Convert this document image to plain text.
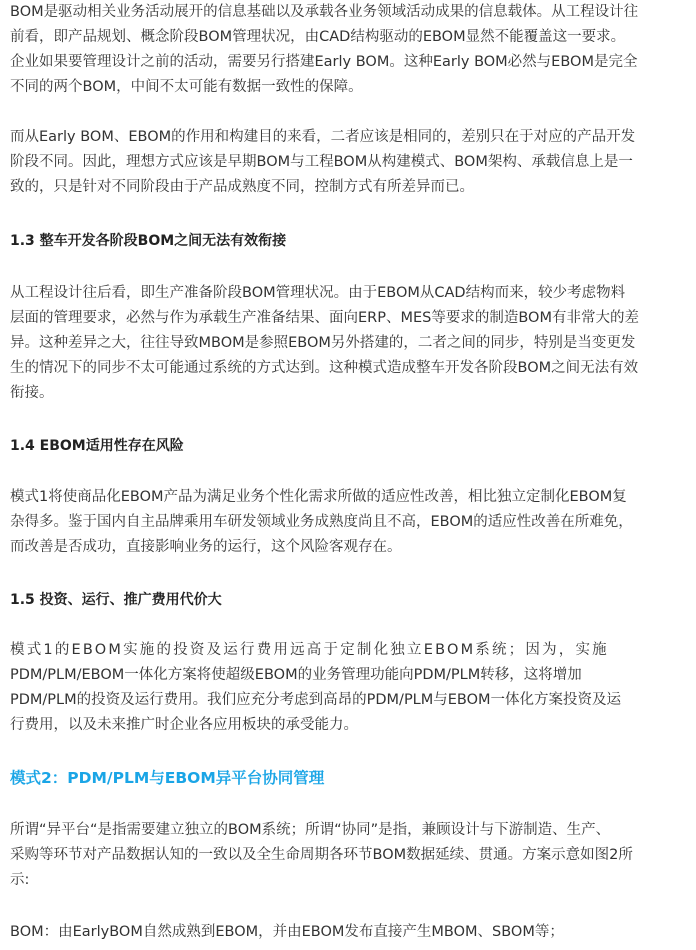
BOM是驱动相关业务活动展开的信息基础以及承载各业务领域活动成果的信息载体。从工程设计往
前看，即产品规划、概念阶段BOM管理状况，由CAD结构驱动的EBOM显然不能覆盖这一要求。
企业如果要管理设计之前的活动，需要另行搭建Early BOM。这种Early BOM必然与EBOM是完全
不同的两个BOM，中间不太可能有数据一致性的保障。
而从Early BOM、EBOM的作用和构建目的来看，二者应该是相同的，差别只在于对应的产品开发
阶段不同。因此，理想方式应该是早期BOM与工程BOM从构建模式、BOM架构、承载信息上是一
致的，只是针对不同阶段由于产品成熟度不同，控制方式有所差异而已。

1.3 整车开发各阶段BOM之间无法有效衔接

从工程设计往后看，即生产准备阶段BOM管理状况。由于EBOM从CAD结构而来，较少考虑物料
层面的管理要求，必然与作为承载生产准备结果、面向ERP、MES等要求的制造BOM有非常大的差
异。这种差异之大，往往导致MBOM是参照EBOM另外搭建的，二者之间的同步，特别是当变更发
生的情况下的同步不太可能通过系统的方式达到。这种模式造成整车开发各阶段BOM之间无法有效
衔接。

1.4 EBOM适用性存在风险

模式1将使商品化EBOM产品为满足业务个性化需求所做的适应性改善，相比独立定制化EBOM复
杂得多。鉴于国内自主品牌乘用车研发领域业务成熟度尚且不高，EBOM的适应性改善在所难免，
而改善是否成功，直接影响业务的运行，这个风险客观存在。

1.5 投资、运行、推广费用代价大

模式1的EBOM实施的投资及运行费用远高于定制化独立EBOM系统；因为，实施
PDM/PLM/EBOM一体化方案将使超级EBOM的业务管理功能向PDM/PLM转移，这将增加
PDM/PLM的投资及运行费用。我们应充分考虑到高昂的PDM/PLM与EBOM一体化方案投资及运
行费用，以及未来推广时企业各应用板块的承受能力。

模式2：PDM/PLM与EBOM异平台协同管理

所谓“异平台“是指需要建立独立的BOM系统；所谓“协同”是指，兼顾设计与下游制造、生产、
采购等环节对产品数据认知的一致以及全生命周期各环节BOM数据延续、贯通。方案示意如图2所
示:
BOM：由EarlyBOM自然成熟到EBOM，并由EBOM发布直接产生MBOM、SBOM等；
